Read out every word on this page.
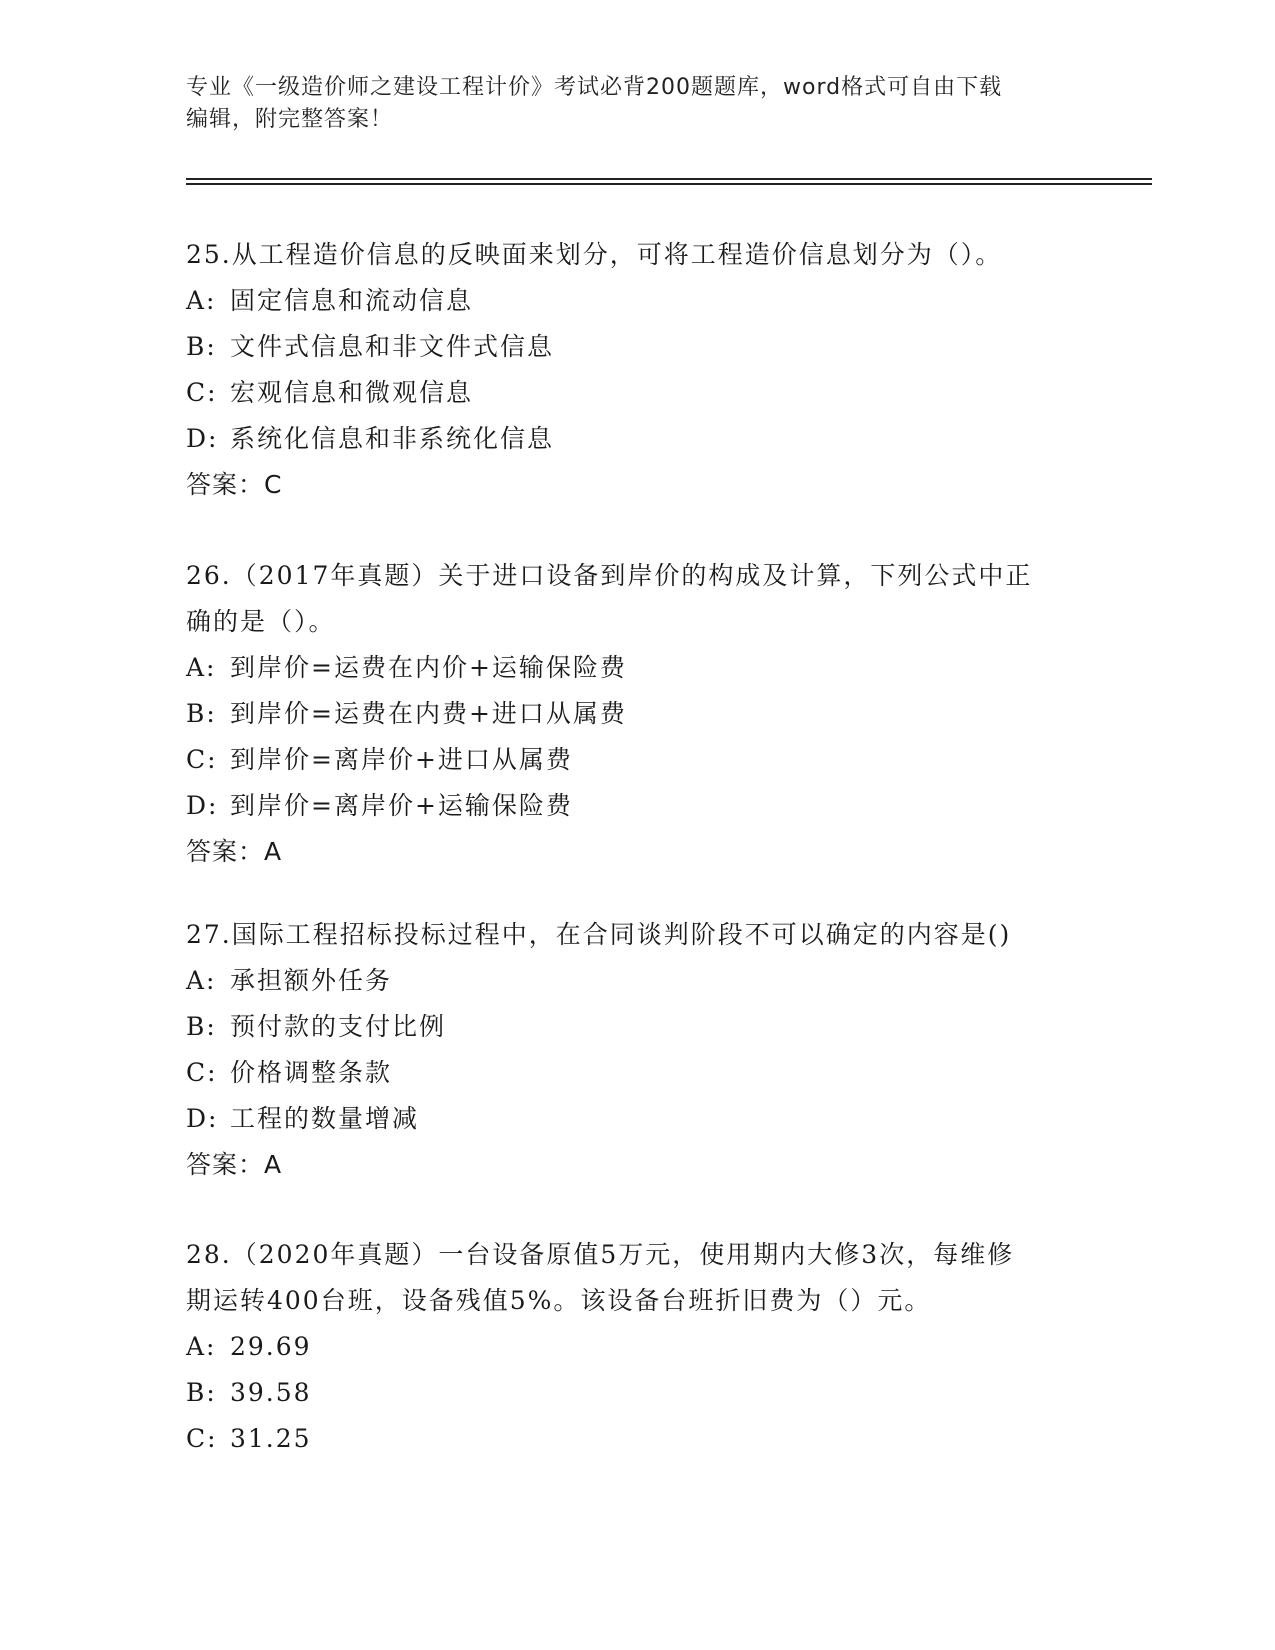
专业《一级造价师之建设工程计价》考试必背200题题库，word格式可自由下载
编辑，附完整答案！
25.从工程造价信息的反映面来划分，可将工程造价信息划分为（）。
A: 固定信息和流动信息
B: 文件式信息和非文件式信息
C: 宏观信息和微观信息
D: 系统化信息和非系统化信息
答案：C
26.（2017年真题）关于进口设备到岸价的构成及计算，下列公式中正
确的是（）。
A: 到岸价=运费在内价+运输保险费
B: 到岸价=运费在内费+进口从属费
C: 到岸价=离岸价+进口从属费
D: 到岸价=离岸价+运输保险费
答案：A
27.国际工程招标投标过程中，在合同谈判阶段不可以确定的内容是()
A: 承担额外任务
B: 预付款的支付比例
C: 价格调整条款
D: 工程的数量增减
答案：A
28.（2020年真题）一台设备原值5万元，使用期内大修3次，每维修
期运转400台班，设备残值5%。该设备台班折旧费为（）元。
A: 29.69
B: 39.58
C: 31.25
